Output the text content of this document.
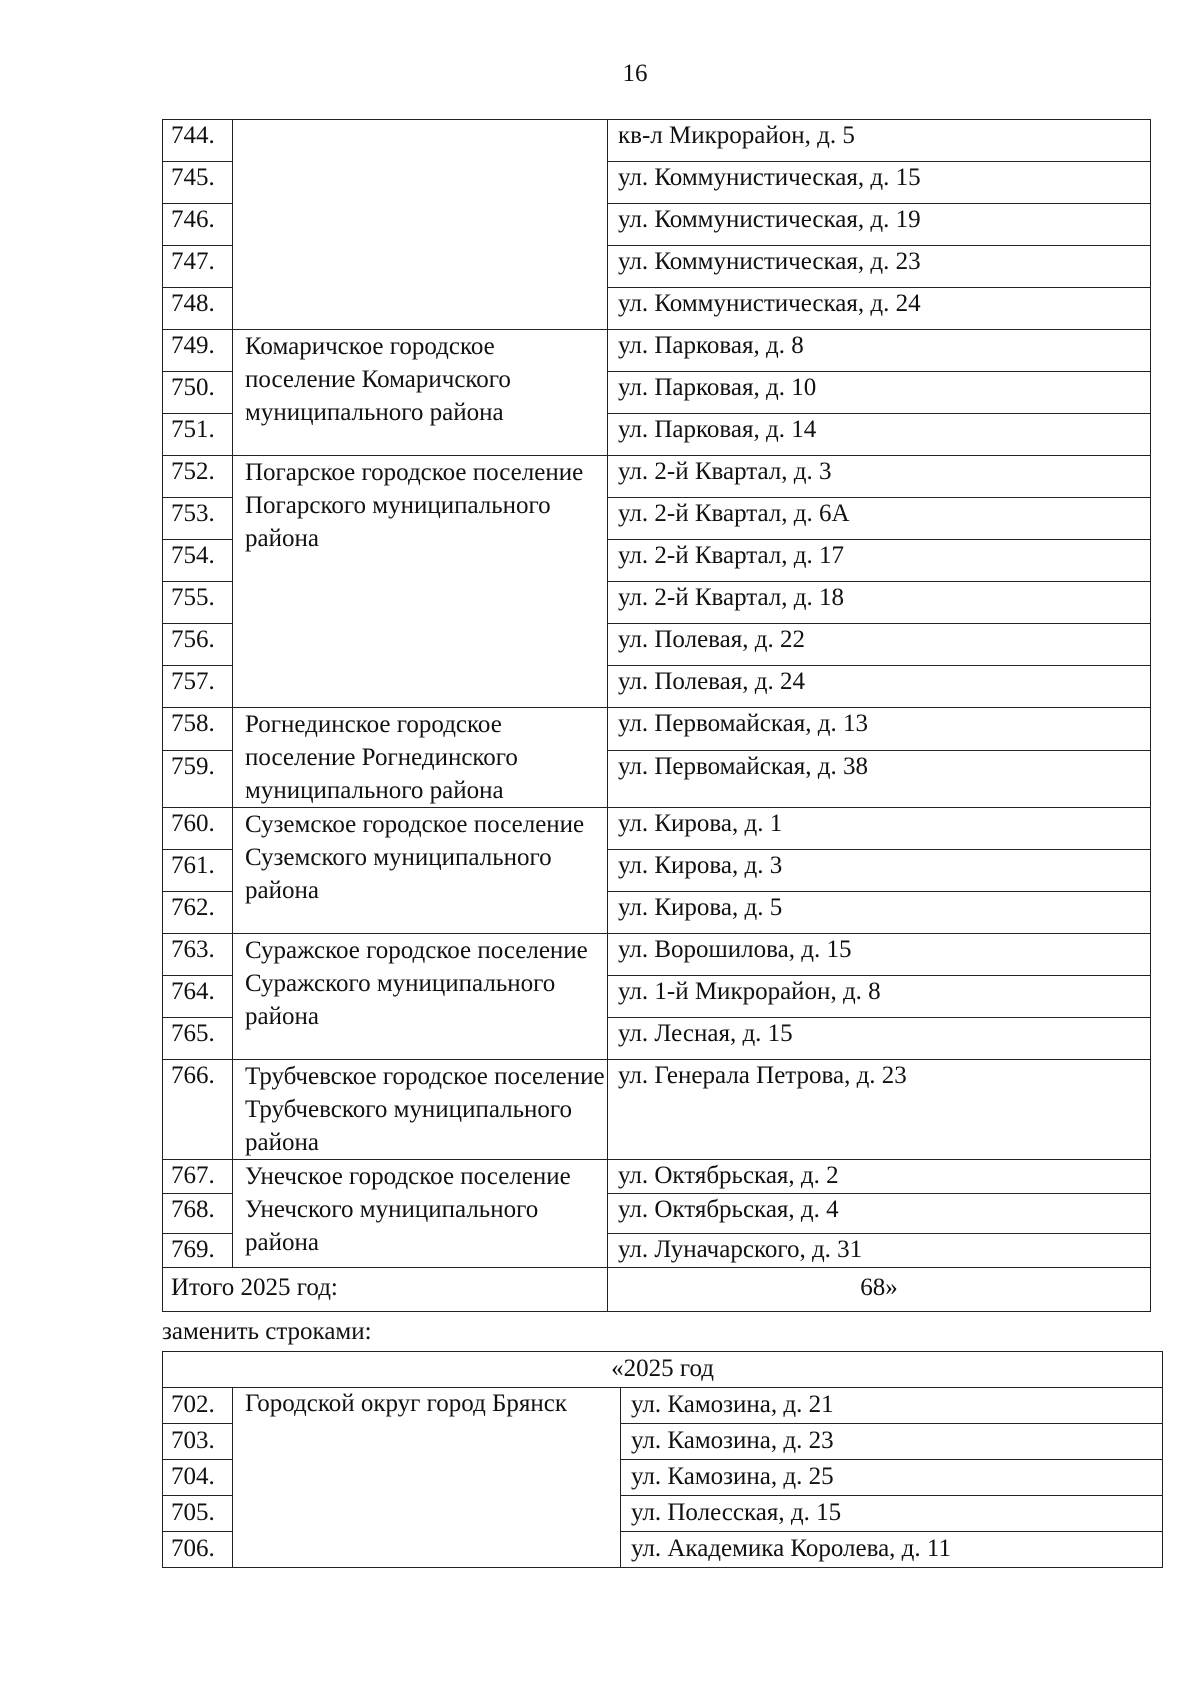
16
744.		кв-л Микрорайон, д. 5
745.		ул. Коммунистическая, д. 15
746.		ул. Коммунистическая, д. 19
747.		ул. Коммунистическая, д. 23
748.		ул. Коммунистическая, д. 24
749.	Комаричское городское поселение Комаричского муниципального района	ул. Парковая, д. 8
750.		ул. Парковая, д. 10
751.		ул. Парковая, д. 14
752.	Погарское городское поселение Погарского муниципального района	ул. 2-й Квартал, д. 3
753.		ул. 2-й Квартал, д. 6А
754.		ул. 2-й Квартал, д. 17
755.		ул. 2-й Квартал, д. 18
756.		ул. Полевая, д. 22
757.		ул. Полевая, д. 24
758.	Рогнединское городское поселение Рогнединского муниципального района	ул. Первомайская, д. 13
759.		ул. Первомайская, д. 38
760.	Суземское городское поселение Суземского муниципального района	ул. Кирова, д. 1
761.		ул. Кирова, д. 3
762.		ул. Кирова, д. 5
763.	Суражское городское поселение Суражского муниципального района	ул. Ворошилова, д. 15
764.		ул. 1-й Микрорайон, д. 8
765.		ул. Лесная, д. 15
766.	Трубчевское городское поселение Трубчевского муниципального района	ул. Генерала Петрова, д. 23
767.	Унечское городское поселение Унечского муниципального района	ул. Октябрьская, д. 2
768.		ул. Октябрьская, д. 4
769.		ул. Луначарского, д. 31
Итого 2025 год:		68»
заменить строками:
«2025 год		
702.	Городской округ город Брянск	ул. Камозина, д. 21
703.		ул. Камозина, д. 23
704.		ул. Камозина, д. 25
705.		ул. Полесская, д. 15
706.		ул. Академика Королева, д. 11
